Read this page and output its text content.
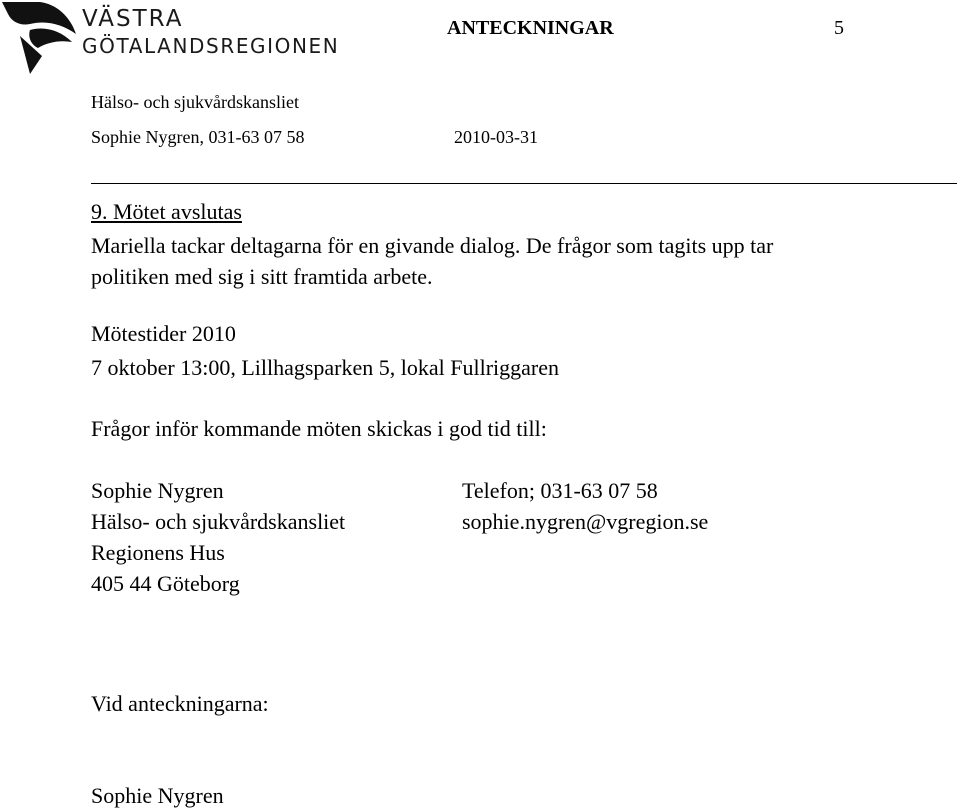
VÄSTRA
GÖTALANDSREGIONEN
ANTECKNINGAR	5
Hälso- och sjukvårdskansliet
Sophie Nygren, 031-63 07 58	2010-03-31
9. Mötet avslutas
Mariella tackar deltagarna för en givande dialog. De frågor som tagits upp tar
politiken med sig i sitt framtida arbete.
Mötestider 2010
7 oktober 13:00, Lillhagsparken 5, lokal Fullriggaren
Frågor inför kommande möten skickas i god tid till:
Sophie Nygren
Hälso- och sjukvårdskansliet
Regionens Hus
405 44 Göteborg
Telefon; 031-63 07 58
sophie.nygren@vgregion.se
Vid anteckningarna:
Sophie Nygren
